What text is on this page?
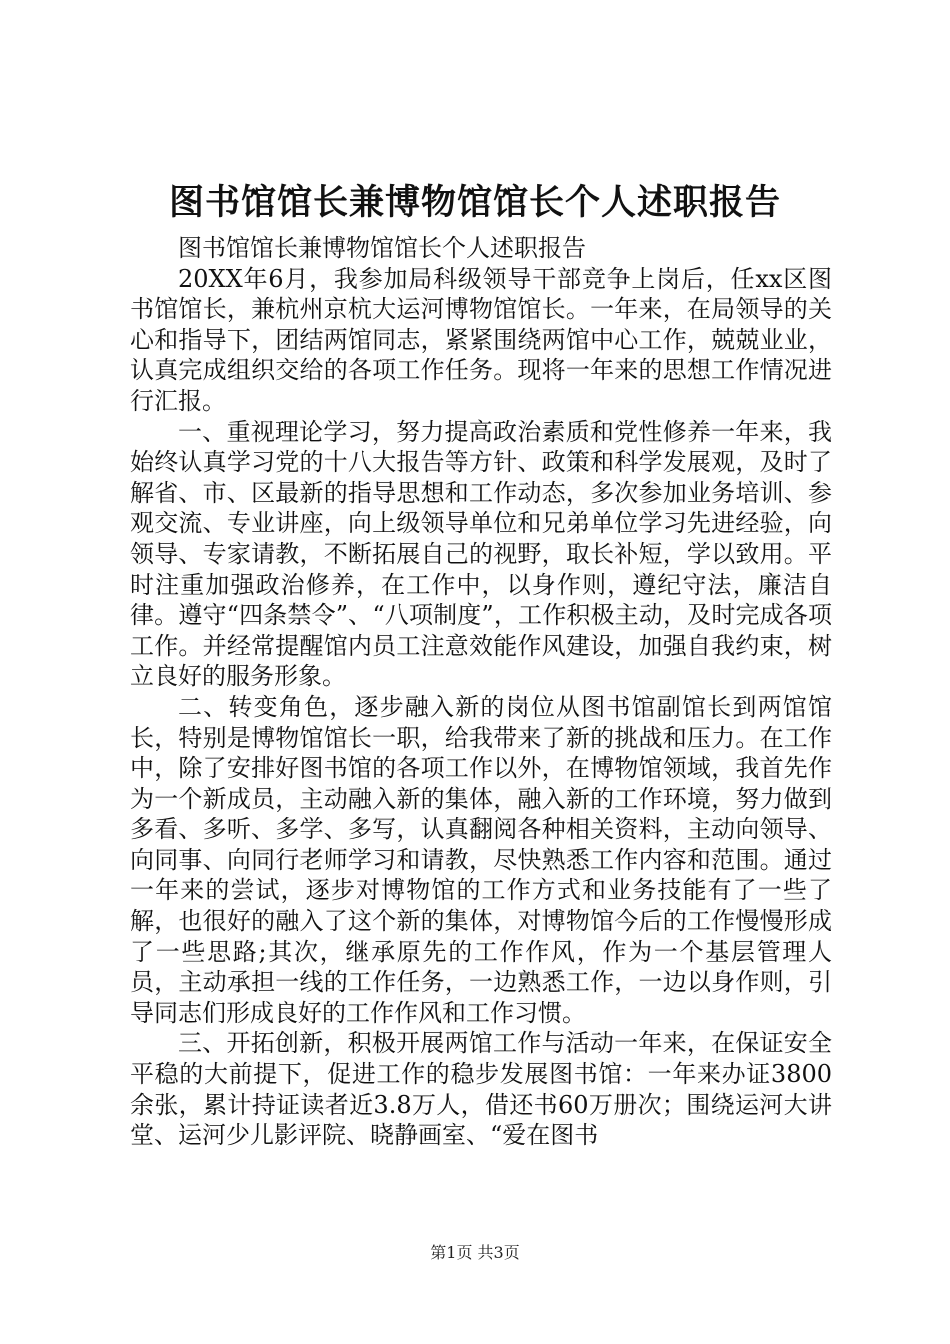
图书馆馆长兼博物馆馆长个人述职报告

图书馆馆长兼博物馆馆长个人述职报告

20XX年6月，我参加局科级领导干部竞争上岗后，任xx区图书馆馆长，兼杭州京杭大运河博物馆馆长。一年来，在局领导的关心和指导下，团结两馆同志，紧紧围绕两馆中心工作，兢兢业业，认真完成组织交给的各项工作任务。现将一年来的思想工作情况进行汇报。

一、重视理论学习，努力提高政治素质和党性修养一年来，我始终认真学习党的十八大报告等方针、政策和科学发展观，及时了解省、市、区最新的指导思想和工作动态，多次参加业务培训、参观交流、专业讲座，向上级领导单位和兄弟单位学习先进经验，向领导、专家请教，不断拓展自己的视野，取长补短，学以致用。平时注重加强政治修养，在工作中，以身作则，遵纪守法，廉洁自律。遵守“四条禁令”、“八项制度”，工作积极主动，及时完成各项工作。并经常提醒馆内员工注意效能作风建设，加强自我约束，树立良好的服务形象。

二、转变角色，逐步融入新的岗位从图书馆副馆长到两馆馆长，特别是博物馆馆长一职，给我带来了新的挑战和压力。在工作中，除了安排好图书馆的各项工作以外，在博物馆领域，我首先作为一个新成员，主动融入新的集体，融入新的工作环境，努力做到多看、多听、多学、多写，认真翻阅各种相关资料，主动向领导、向同事、向同行老师学习和请教，尽快熟悉工作内容和范围。通过一年来的尝试，逐步对博物馆的工作方式和业务技能有了一些了解，也很好的融入了这个新的集体，对博物馆今后的工作慢慢形成了一些思路;其次，继承原先的工作作风，作为一个基层管理人员，主动承担一线的工作任务，一边熟悉工作，一边以身作则，引导同志们形成良好的工作作风和工作习惯。

三、开拓创新，积极开展两馆工作与活动一年来，在保证安全平稳的大前提下，促进工作的稳步发展图书馆：一年来办证3800余张，累计持证读者近3.8万人，借还书60万册次；围绕运河大讲堂、运河少儿影评院、晓静画室、“爱在图书

第1页 共3页
